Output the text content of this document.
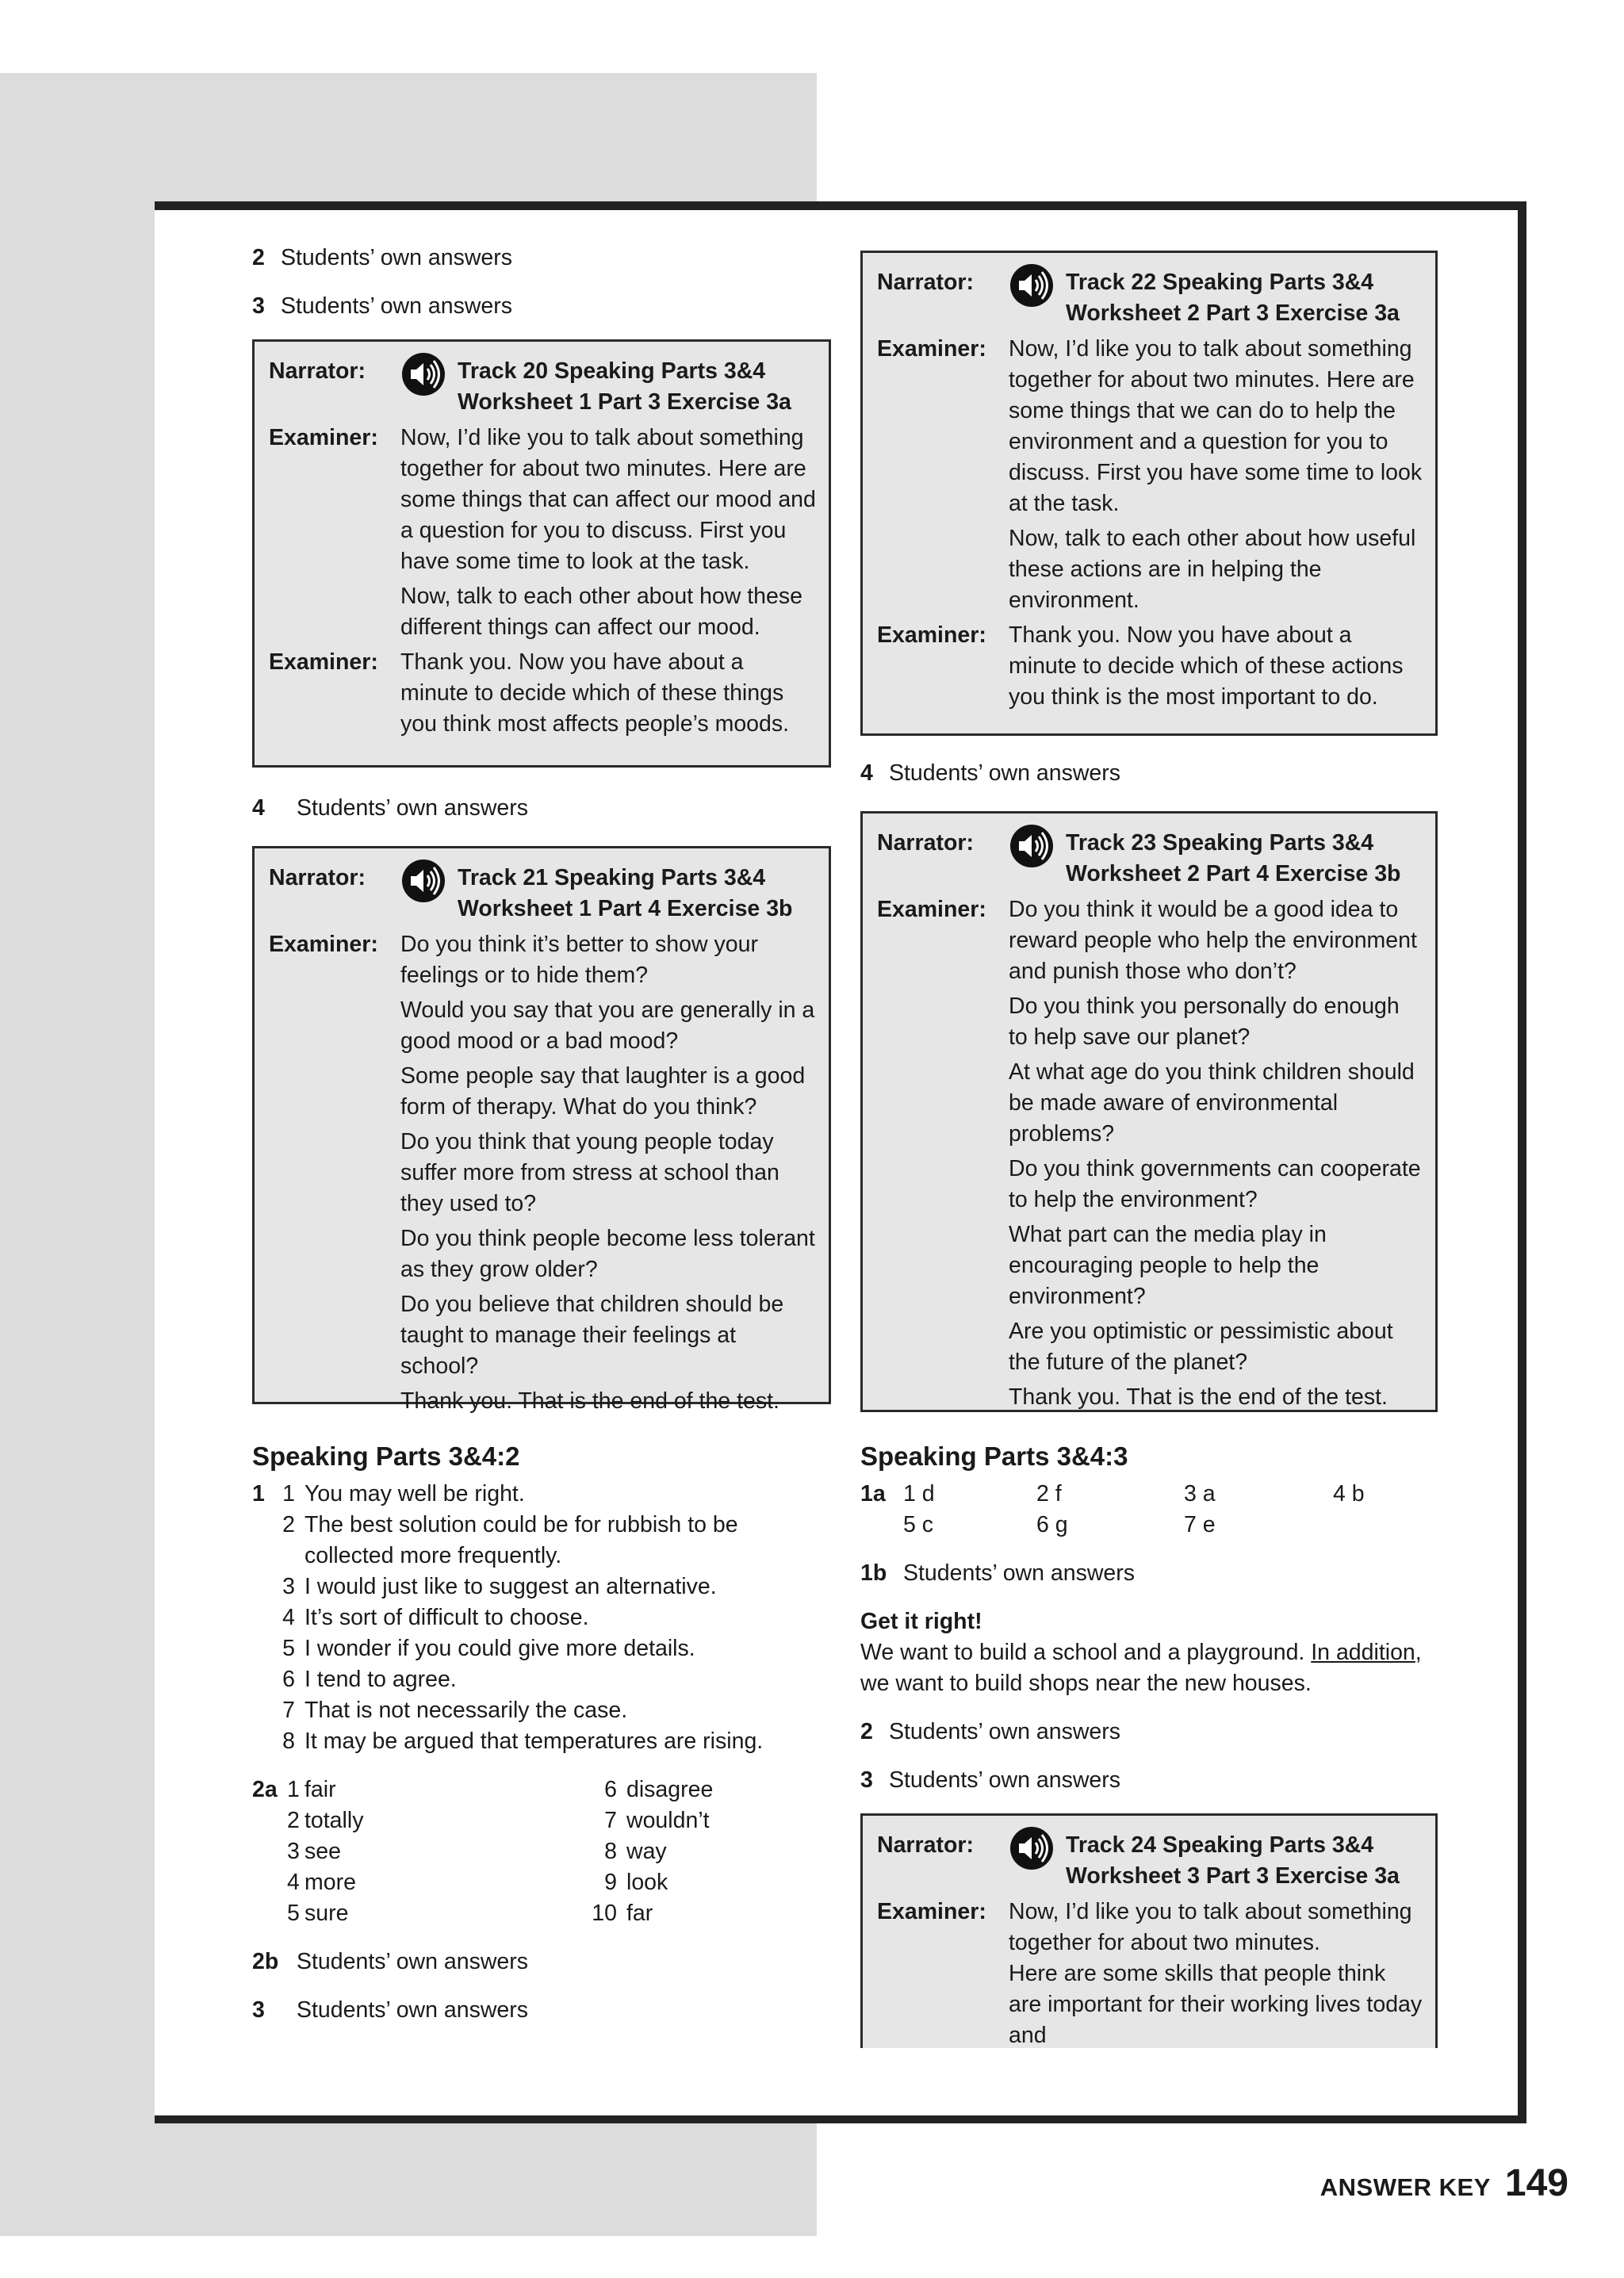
2 Students’ own answers
3 Students’ own answers
Narrator:	Track 20 Speaking Parts 3&4 Worksheet 1 Part 3 Exercise 3a
Examiner: Now, I’d like you to talk about something together for about two minutes. Here are some things that can affect our mood and a question for you to discuss. First you have some time to look at the task.

Now, talk to each other about how these different things can affect our mood.

Examiner: Thank you. Now you have about a minute to decide which of these things you think most affects people’s moods.

4	Students’ own answers
Narrator:	Track 21 Speaking Parts 3&4 Worksheet 1 Part 4 Exercise 3b
Examiner: Do you think it’s better to show your feelings or to hide them?

Would you say that you are generally in a good mood or a bad mood?

Some people say that laughter is a good form of therapy. What do you think?

Do you think that young people today suffer more from stress at school than they used to?

Do you think people become less tolerant as they grow older?

Do you believe that children should be taught to manage their feelings at school?

Thank you. That is the end of the test.

Speaking Parts 3&4:2
1 1 You may well be right.
2 The best solution could be for rubbish to be collected more frequently.
3 I would just like to suggest an alternative.
4 It’s sort of difficult to choose.
5 I wonder if you could give more details.
6 I tend to agree.
7 That is not necessarily the case.
8 It may be argued that temperatures are rising.
2a 1 fair	6 disagree
2 totally	7 wouldn’t
3 see	8 way
4 more	9 look
5 sure	10 far
2b Students’ own answers
3	Students’ own answers
Narrator:	Track 22 Speaking Parts 3&4 Worksheet 2 Part 3 Exercise 3a
Examiner: Now, I’d like you to talk about something together for about two minutes. Here are some things that we can do to help the environment and a question for you to discuss. First you have some time to look at the task.

Now, talk to each other about how useful these actions are in helping the environment.

Examiner: Thank you. Now you have about a minute to decide which of these actions you think is the most important to do.

4 Students’ own answers
Narrator:	Track 23 Speaking Parts 3&4 Worksheet 2 Part 4 Exercise 3b
Examiner: Do you think it would be a good idea to reward people who help the environment and punish those who don’t?

Do you think you personally do enough to help save our planet?

At what age do you think children should be made aware of environmental problems?

Do you think governments can cooperate to help the environment?

What part can the media play in encouraging people to help the environment?

Are you optimistic or pessimistic about the future of the planet?

Thank you. That is the end of the test.

Speaking Parts 3&4:3
1a 1 d	2 f	3 a	4 b
5 c	6 g	7 e
1b Students’ own answers
Get it right!
We want to build a school and a playground. In addition, we want to build shops near the new houses.
2 Students’ own answers
3 Students’ own answers
Narrator:	Track 24 Speaking Parts 3&4 Worksheet 3 Part 3 Exercise 3a
Examiner: Now, I’d like you to talk about something together for about two minutes.

Here are some skills that people think are important for their working lives today and

ANSWER KEY 149
